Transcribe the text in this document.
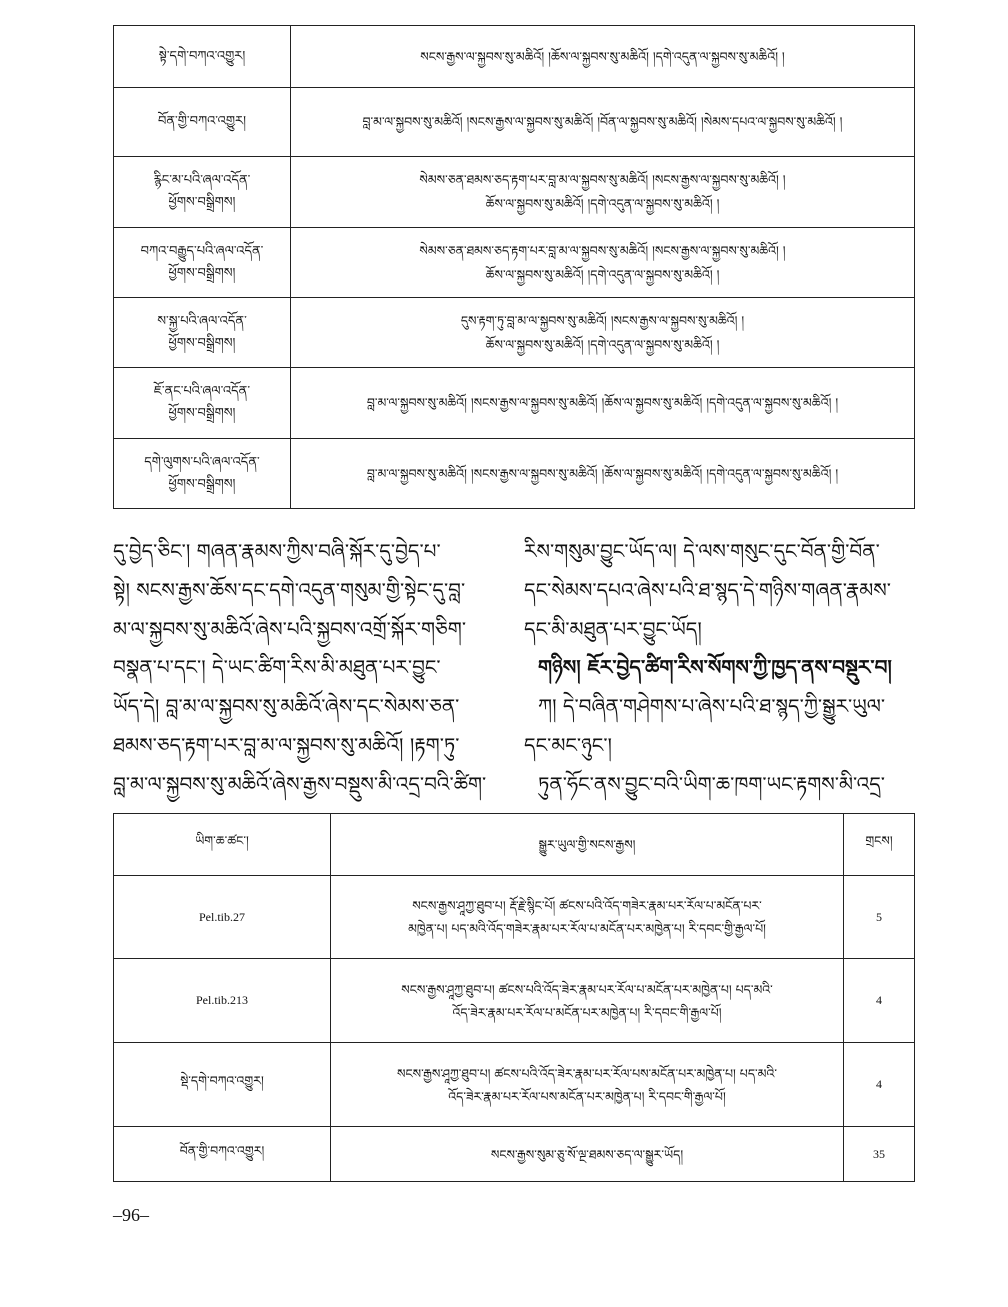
སྟེ་དགེ་བཀའ་འགྱུར།	སངས་རྒྱས་ལ་སྐྱབས་སུ་མཆིའོ། །ཆོས་ལ་སྐྱབས་སུ་མཆིའོ། །དགེ་འདུན་ལ་སྐྱབས་སུ་མཆིའོ། །

བོན་གྱི་བཀའ་འགྱུར།	བླ་མ་ལ་སྐྱབས་སུ་མཆིའོ། །སངས་རྒྱས་ལ་སྐྱབས་སུ་མཆིའོ། །བོན་ལ་སྐྱབས་སུ་མཆིའོ། །སེམས་དཔའ་ལ་སྐྱབས་སུ་མཆིའོ། །

རྙིང་མ་པའི་ཞལ་འདོན་
ཕྱོགས་བསྒྲིགས།	སེམས་ཅན་ཐམས་ཅད་རྟག་པར་བླ་མ་ལ་སྐྱབས་སུ་མཆིའོ། །སངས་རྒྱས་ལ་སྐྱབས་སུ་མཆིའོ། །
ཆོས་ལ་སྐྱབས་སུ་མཆིའོ། །དགེ་འདུན་ལ་སྐྱབས་སུ་མཆིའོ། །

བཀའ་བརྒྱུད་པའི་ཞལ་འདོན་
ཕྱོགས་བསྒྲིགས།	སེམས་ཅན་ཐམས་ཅད་རྟག་པར་བླ་མ་ལ་སྐྱབས་སུ་མཆིའོ། །སངས་རྒྱས་ལ་སྐྱབས་སུ་མཆིའོ། །
ཆོས་ལ་སྐྱབས་སུ་མཆིའོ། །དགེ་འདུན་ལ་སྐྱབས་སུ་མཆིའོ། །

ས་སྐྱ་པའི་ཞལ་འདོན་
ཕྱོགས་བསྒྲིགས།	དུས་རྟག་ཏུ་བླ་མ་ལ་སྐྱབས་སུ་མཆིའོ། །སངས་རྒྱས་ལ་སྐྱབས་སུ་མཆིའོ། །
ཆོས་ལ་སྐྱབས་སུ་མཆིའོ། །དགེ་འདུན་ལ་སྐྱབས་སུ་མཆིའོ། །

ཇོ་ནང་པའི་ཞལ་འདོན་
ཕྱོགས་བསྒྲིགས།	བླ་མ་ལ་སྐྱབས་སུ་མཆིའོ། །སངས་རྒྱས་ལ་སྐྱབས་སུ་མཆིའོ། །ཆོས་ལ་སྐྱབས་སུ་མཆིའོ། །དགེ་འདུན་ལ་སྐྱབས་སུ་མཆིའོ། །

དགེ་ལུགས་པའི་ཞལ་འདོན་
ཕྱོགས་བསྒྲིགས།	བླ་མ་ལ་སྐྱབས་སུ་མཆིའོ། །སངས་རྒྱས་ལ་སྐྱབས་སུ་མཆིའོ། །ཆོས་ལ་སྐྱབས་སུ་མཆིའོ། །དགེ་འདུན་ལ་སྐྱབས་སུ་མཆིའོ། །

དུ་བྱེད་ཅིང་། གཞན་རྣམས་ཀྱིས་བཞི་སྐོར་དུ་བྱེད་པ་

སྟེ། སངས་རྒྱས་ཆོས་དང་དགེ་འདུན་གསུམ་གྱི་སྟེང་དུ་བླ་

མ་ལ་སྐྱབས་སུ་མཆིའོ་ཞེས་པའི་སྐྱབས་འགྲོ་སྐོར་གཅིག་

བསྣན་པ་དང་། དེ་ཡང་ཚིག་རིས་མི་མཐུན་པར་བྱུང་

ཡོད་དེ། བླ་མ་ལ་སྐྱབས་སུ་མཆིའོ་ཞེས་དང་སེམས་ཅན་

ཐམས་ཅད་རྟག་པར་བླ་མ་ལ་སྐྱབས་སུ་མཆིའོ། །རྟག་ཏུ་

བླ་མ་ལ་སྐྱབས་སུ་མཆིའོ་ཞེས་རྒྱས་བསྡུས་མི་འདྲ་བའི་ཚིག་

རིས་གསུམ་བྱུང་ཡོད་ལ། དེ་ལས་གསུང་དུང་བོན་གྱི་བོན་

དང་སེམས་དཔའ་ཞེས་པའི་ཐ་སྙད་དེ་གཉིས་གཞན་རྣམས་

དང་མི་མཐུན་པར་བྱུང་ཡོད།

གཉིས། ཇོར་བྱེད་ཚིག་རིས་སོགས་ཀྱི་ཁྱད་ནས་བསྡུར་བ།

ཀ། དེ་བཞིན་གཤེགས་པ་ཞེས་པའི་ཐ་སྙད་ཀྱི་སྒྱུར་ཡུལ་

དང་མང་ཉུང་།

ཏུན་ཧོང་ནས་བྱུང་བའི་ཡིག་ཆ་ཁག་ཡང་རྟགས་མི་འདྲ་

ཡིག་ཆ་ཚང་།	སྒྱུར་ཡུལ་གྱི་སངས་རྒྱས།	གྲངས།
Pel.tib.27	སངས་རྒྱས་ཤཱཀྱ་ཐུབ་པ། རྡོ་རྗེ་སྙིང་པོ། ཚངས་པའི་འོད་གཟེར་རྣམ་པར་རོལ་པ་མངོན་པར་
མཁྱེན་པ། པད་མའི་འོད་གཟེར་རྣམ་པར་རོལ་པ་མངོན་པར་མཁྱེན་པ། རི་དབང་གྱི་རྒྱལ་པོ།	5
Pel.tib.213	སངས་རྒྱས་ཤཱཀྱ་ཐུབ་པ། ཚངས་པའི་འོད་ཟེར་རྣམ་པར་རོལ་པ་མངོན་པར་མཁྱེན་པ། པད་མའི་
འོད་ཟེར་རྣམ་པར་རོལ་པ་མངོན་པར་མཁྱེན་པ། རི་དབང་གི་རྒྱལ་པོ།	4
སྡེ་དགེ་བཀའ་འགྱུར།	སངས་རྒྱས་ཤཱཀྱ་ཐུབ་པ། ཚངས་པའི་འོད་ཟེར་རྣམ་པར་རོལ་པས་མངོན་པར་མཁྱེན་པ། པད་མའི་
འོད་ཟེར་རྣམ་པར་རོལ་པས་མངོན་པར་མཁྱེན་པ། རི་དབང་གི་རྒྱལ་པོ།	4
བོན་གྱི་བཀའ་འགྱུར།	སངས་རྒྱས་སུམ་ཅུ་སོ་ལྔ་ཐམས་ཅད་ལ་སྒྱུར་ཡོད།	35
–96–
